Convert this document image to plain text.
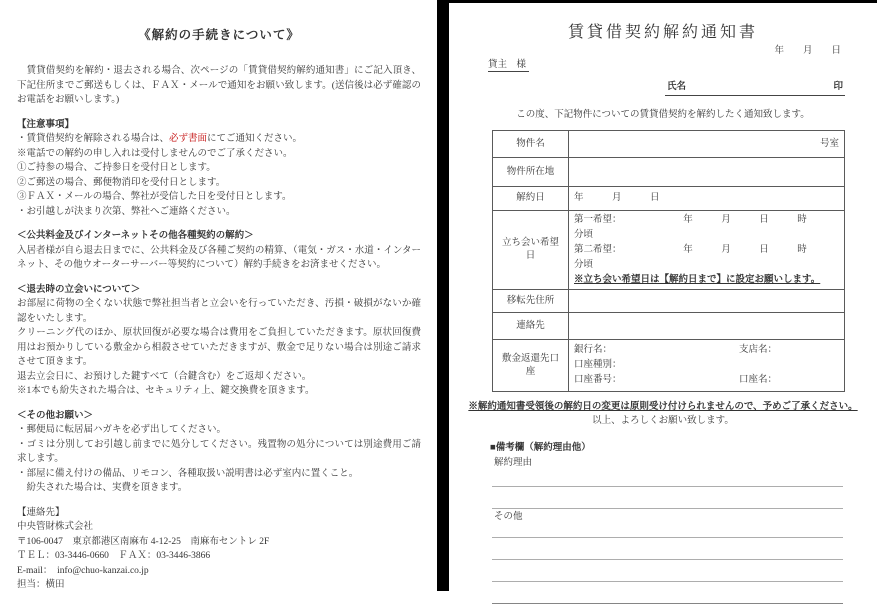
《解約の手続きについて》

　賃貸借契約を解約・退去される場合、次ページの「賃貸借契約解約通知書」にご記入頂き、下記住所までご郵送もしくは、ＦＡＸ・メールで通知をお願い致します。(送信後は必ず確認のお電話をお願いします。)

【注意事項】

・賃貸借契約を解除される場合は、必ず書面にてご通知ください。

※電話での解約の申し入れは受付しませんのでご了承ください。

①ご持参の場合、ご持参日を受付日とします。

②ご郵送の場合、郵便物消印を受付日とします。

③ＦＡＸ・メールの場合、弊社が受信した日を受付日とします。

・お引越しが決まり次第、弊社へご連絡ください。

＜公共料金及びインターネットその他各種契約の解約＞

入居者様が自ら退去日までに、公共料金及び各種ご契約の精算、（電気・ガス・水道・インターネット、その他ウオーターサーバー等契約について）解約手続きをお済ませください。

＜退去時の立会いについて＞

お部屋に荷物の全くない状態で弊社担当者と立会いを行っていただき、汚損・破損がないか確認をいたします。

クリーニング代のほか、原状回復が必要な場合は費用をご負担していただきます。原状回復費用はお預かりしている敷金から相殺させていただきますが、敷金で足りない場合は別途ご請求させて頂きます。

退去立会日に、お預けした鍵すべて（合鍵含む）をご返却ください。

※1本でも紛失された場合は、セキュリティ上、鍵交換費を頂きます。

＜その他お願い＞

・郵便局に転居届ハガキを必ず出してください。

・ゴミは分別してお引越し前までに処分してください。残置物の処分については別途費用ご請求します。

・部屋に備え付けの備品、リモコン、各種取扱い説明書は必ず室内に置くこと。

　紛失された場合は、実費を頂きます。

【連絡先】

中央管財株式会社

〒106-0047　東京都港区南麻布 4-12-25　南麻布セントレ 2F

ＴＥＬ：03-3446-0660　ＦＡＸ：03-3446-3866

E-mail：　info@chuo-kanzai.co.jp

担当：横田

賃貸借契約解約通知書
年　　月　　日
貸主　様
氏名	印
この度、下記物件についての賃貸借契約を解約したく通知致します。
物件名	号室
物件所在地	
解約日	年　　　月　　　日
立ち会い希望日	第一希望：　　　　　　　年　　　月　　　日　　　時　　　分頃
第二希望：　　　　　　　年　　　月　　　日　　　時　　　分頃
※立ち会い希望日は【解約日まで】に設定お願いします。

移転先住所	
連絡先	
敷金返還先口座	銀行名： 支店名：
口座種別：
口座番号： 口座名：
※解約通知書受領後の解約日の変更は原則受け付けられませんので、予めご了承ください。
以上、よろしくお願い致します。
■備考欄（解約理由他）
解約理由
その他
